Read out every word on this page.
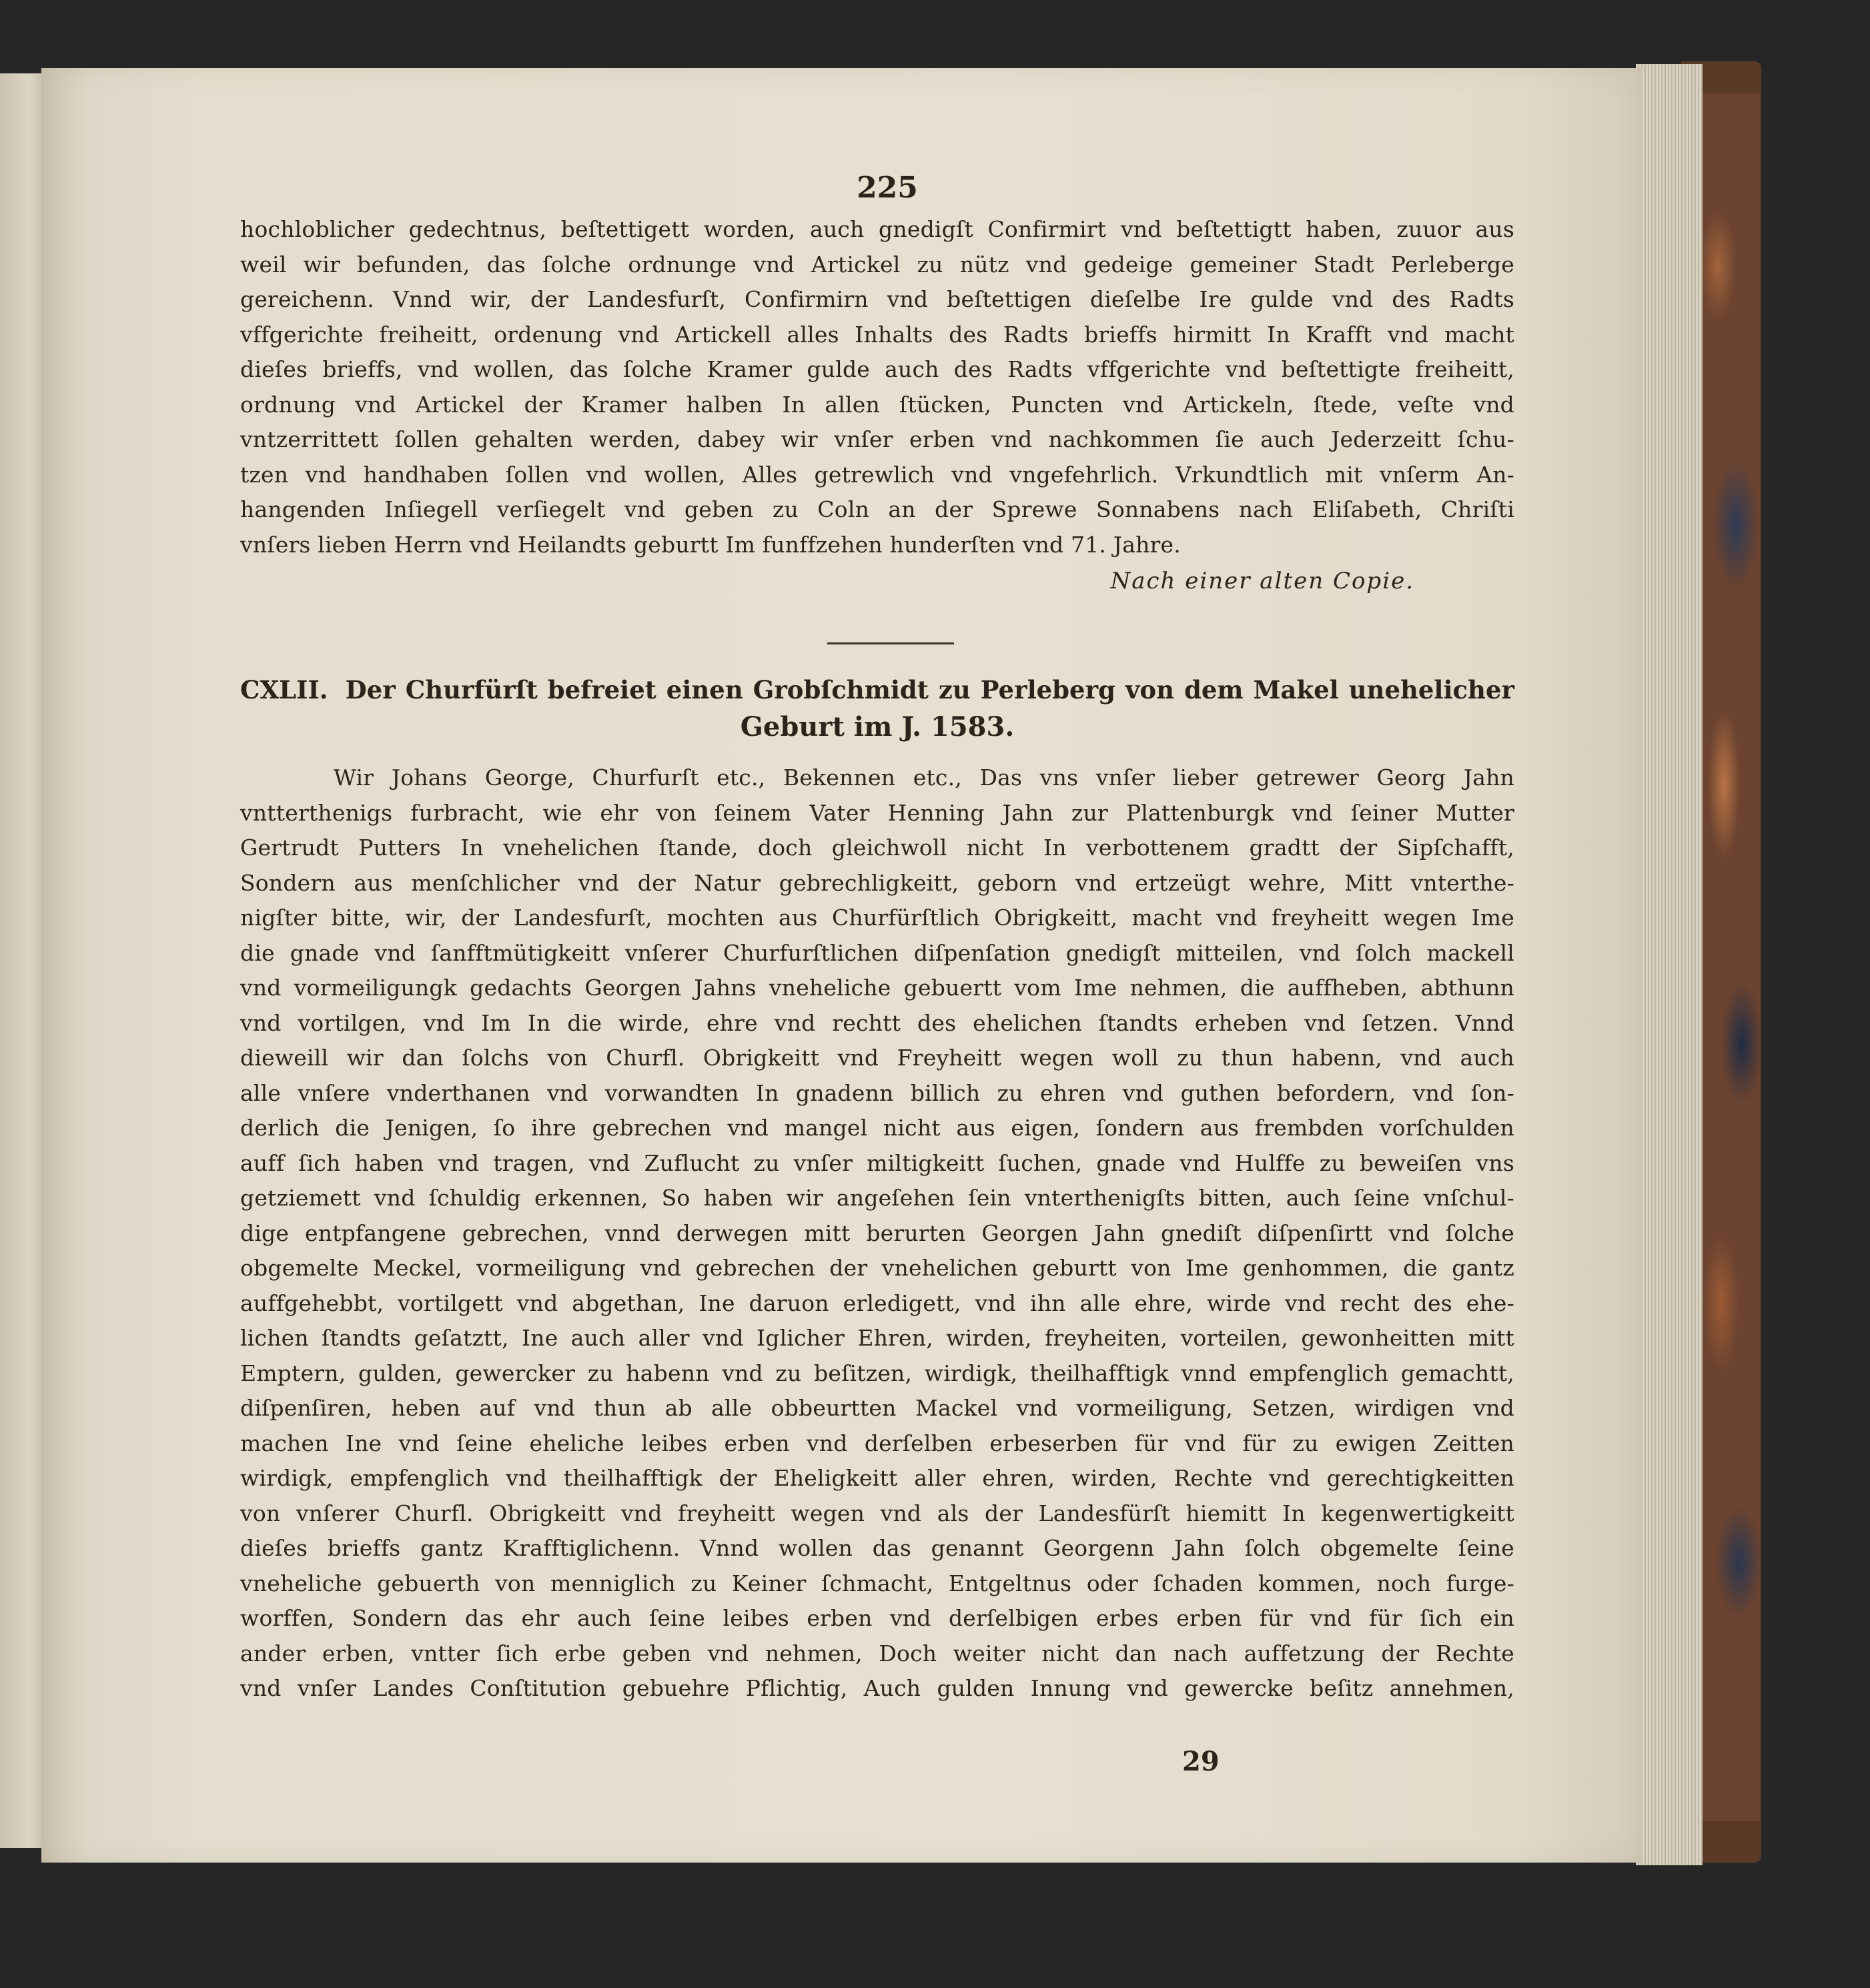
225
hochloblicher gedechtnus, beſtettigett worden, auch gnedigſt Confirmirt vnd beſtettigtt haben, zuuor aus
weil wir befunden, das ſolche ordnunge vnd Artickel zu nütz vnd gedeige gemeiner Stadt Perleberge
gereichenn. Vnnd wir, der Landesfurſt, Confirmirn vnd beſtettigen dieſelbe Ire gulde vnd des Radts
vffgerichte freiheitt, ordenung vnd Artickell alles Inhalts des Radts brieffs hirmitt In Krafft vnd macht
dieſes brieffs, vnd wollen, das ſolche Kramer gulde auch des Radts vffgerichte vnd beſtettigte freiheitt,
ordnung vnd Artickel der Kramer halben In allen ſtücken, Puncten vnd Artickeln, ſtede, veſte vnd
vntzerrittett ſollen gehalten werden, dabey wir vnſer erben vnd nachkommen ſie auch Jederzeitt ſchu-
tzen vnd handhaben ſollen vnd wollen, Alles getrewlich vnd vngefehrlich. Vrkundtlich mit vnſerm An-
hangenden Inſiegell verſiegelt vnd geben zu Coln an der Sprewe Sonnabens nach Eliſabeth, Chriſti
vnſers lieben Herrn vnd Heilandts geburtt Im funffzehen hunderſten vnd 71. Jahre.
Nach einer alten Copie.
CXLII. Der Churfürſt befreiet einen Grobſchmidt zu Perleberg von dem Makel unehelicher
Geburt im J. 1583.
Wir Johans George, Churfurſt etc., Bekennen etc., Das vns vnſer lieber getrewer Georg Jahn
vntterthenigs furbracht, wie ehr von ſeinem Vater Henning Jahn zur Plattenburgk vnd ſeiner Mutter
Gertrudt Putters In vnehelichen ſtande, doch gleichwoll nicht In verbottenem gradtt der Sipſchafft,
Sondern aus menſchlicher vnd der Natur gebrechligkeitt, geborn vnd ertzeügt wehre, Mitt vnterthe-
nigſter bitte, wir, der Landesfurſt, mochten aus Churfürſtlich Obrigkeitt, macht vnd freyheitt wegen Ime
die gnade vnd ſanfftmütigkeitt vnſerer Churfurſtlichen diſpenſation gnedigſt mitteilen, vnd ſolch mackell
vnd vormeiligungk gedachts Georgen Jahns vneheliche gebuertt vom Ime nehmen, die auffheben, abthunn
vnd vortilgen, vnd Im In die wirde, ehre vnd rechtt des ehelichen ſtandts erheben vnd ſetzen. Vnnd
dieweill wir dan ſolchs von Churfl. Obrigkeitt vnd Freyheitt wegen woll zu thun habenn, vnd auch
alle vnſere vnderthanen vnd vorwandten In gnadenn billich zu ehren vnd guthen befordern, vnd ſon-
derlich die Jenigen, ſo ihre gebrechen vnd mangel nicht aus eigen, ſondern aus frembden vorſchulden
auff ſich haben vnd tragen, vnd Zuflucht zu vnſer miltigkeitt ſuchen, gnade vnd Hulffe zu beweiſen vns
getziemett vnd ſchuldig erkennen, So haben wir angeſehen ſein vnterthenigſts bitten, auch ſeine vnſchul-
dige entpfangene gebrechen, vnnd derwegen mitt berurten Georgen Jahn gnediſt diſpenſirtt vnd ſolche
obgemelte Meckel, vormeiligung vnd gebrechen der vnehelichen geburtt von Ime genhommen, die gantz
auffgehebbt, vortilgett vnd abgethan, Ine daruon erledigett, vnd ihn alle ehre, wirde vnd recht des ehe-
lichen ſtandts geſatztt, Ine auch aller vnd Iglicher Ehren, wirden, freyheiten, vorteilen, gewonheitten mitt
Emptern, gulden, gewercker zu habenn vnd zu beſitzen, wirdigk, theilhafftigk vnnd empfenglich gemachtt,
diſpenſiren, heben auf vnd thun ab alle obbeurtten Mackel vnd vormeiligung, Setzen, wirdigen vnd
machen Ine vnd ſeine eheliche leibes erben vnd derſelben erbeserben für vnd für zu ewigen Zeitten
wirdigk, empfenglich vnd theilhafftigk der Eheligkeitt aller ehren, wirden, Rechte vnd gerechtigkeitten
von vnſerer Churfl. Obrigkeitt vnd freyheitt wegen vnd als der Landesfürſt hiemitt In kegenwertigkeitt
dieſes brieffs gantz Krafftiglichenn. Vnnd wollen das genannt Georgenn Jahn ſolch obgemelte ſeine
vneheliche gebuerth von menniglich zu Keiner ſchmacht, Entgeltnus oder ſchaden kommen, noch furge-
worffen, Sondern das ehr auch ſeine leibes erben vnd derſelbigen erbes erben für vnd für ſich ein
ander erben, vntter ſich erbe geben vnd nehmen, Doch weiter nicht dan nach auffetzung der Rechte
vnd vnſer Landes Conſtitution gebuehre Pflichtig, Auch gulden Innung vnd gewercke beſitz annehmen,
29
